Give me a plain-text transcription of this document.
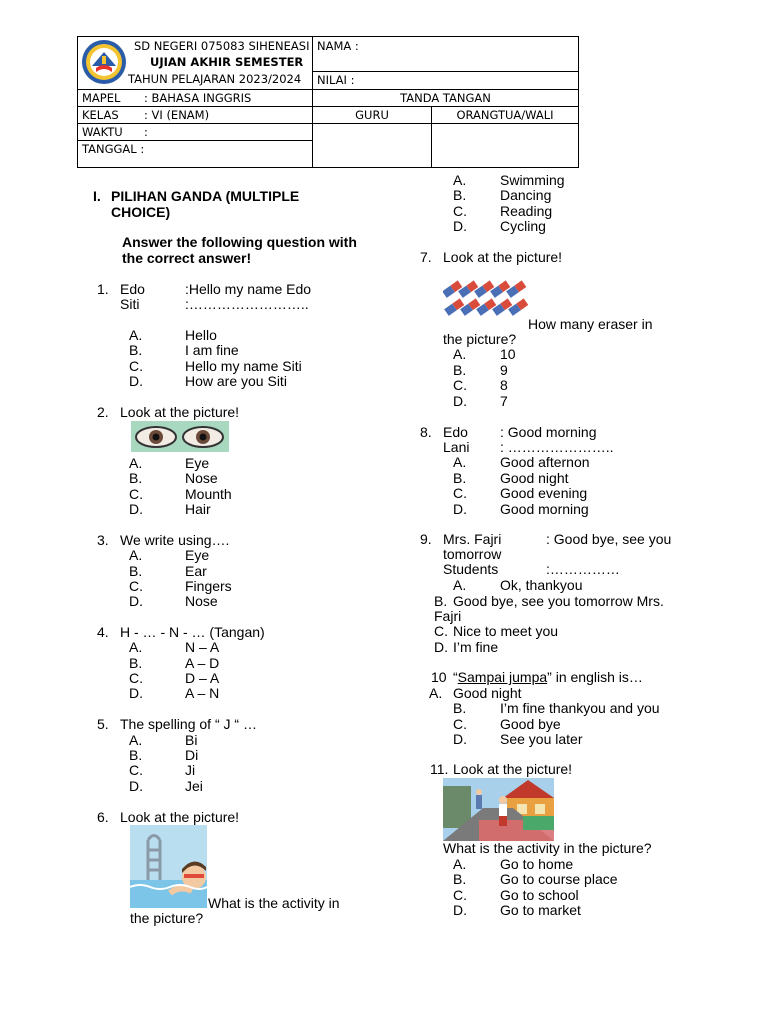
SD NEGERI 075083 SIHENEASI
UJIAN AKHIR SEMESTER
TAHUN PELAJARAN 2023/2024	NAMA :	
	NILAI :	
MAPEL : BAHASA INGGRIS	TANDA TANGAN	
KELAS : VI (ENAM)	GURU	ORANGTUA/WALI
WAKTU :		
TANGGAL :		
I. PILIHAN GANDA (MULTIPLE
CHOICE)
Answer the following question with
the correct answer!
1. Edo	:Hello my name Edo
Siti	:……………………..
A.	Hello
B.	I am fine
C.	Hello my name Siti
D.	How are you Siti
2. Look at the picture!
A.	Eye
B.	Nose
C.	Mounth
D.	Hair
3. We write using….
A.	Eye
B.	Ear
C.	Fingers
D.	Nose
4. H - … - N - … (Tangan)
A.	N – A
B.	A – D
C.	D – A
D.	A – N
5. The spelling of “ J “ …
A.	Bi
B.	Di
C.	Ji
D.	Jei
6. Look at the picture!
What is the activity in
the picture?
A. Swimming
B. Dancing
C. Reading
D. Cycling
7. Look at the picture!
How many eraser in
the picture?
A. 10
B. 9
C. 8
D. 7
8. Edo : Good morning
Lani : …………………..
A. Good afternon
B. Good night
C. Good evening
D. Good morning
9. Mrs. Fajri	: Good bye, see you
tomorrow
Students	:……………
A. Ok, thankyou
B. Good bye, see you tomorrow Mrs.
Fajri
C. Nice to meet you
D. I’m fine
10 “Sampai jumpa” in english is…
A. Good night
B. I’m fine thankyou and you
C. Good bye
D. See you later
11. Look at the picture!
What is the activity in the picture?
A. Go to home
B. Go to course place
C. Go to school
D. Go to market
